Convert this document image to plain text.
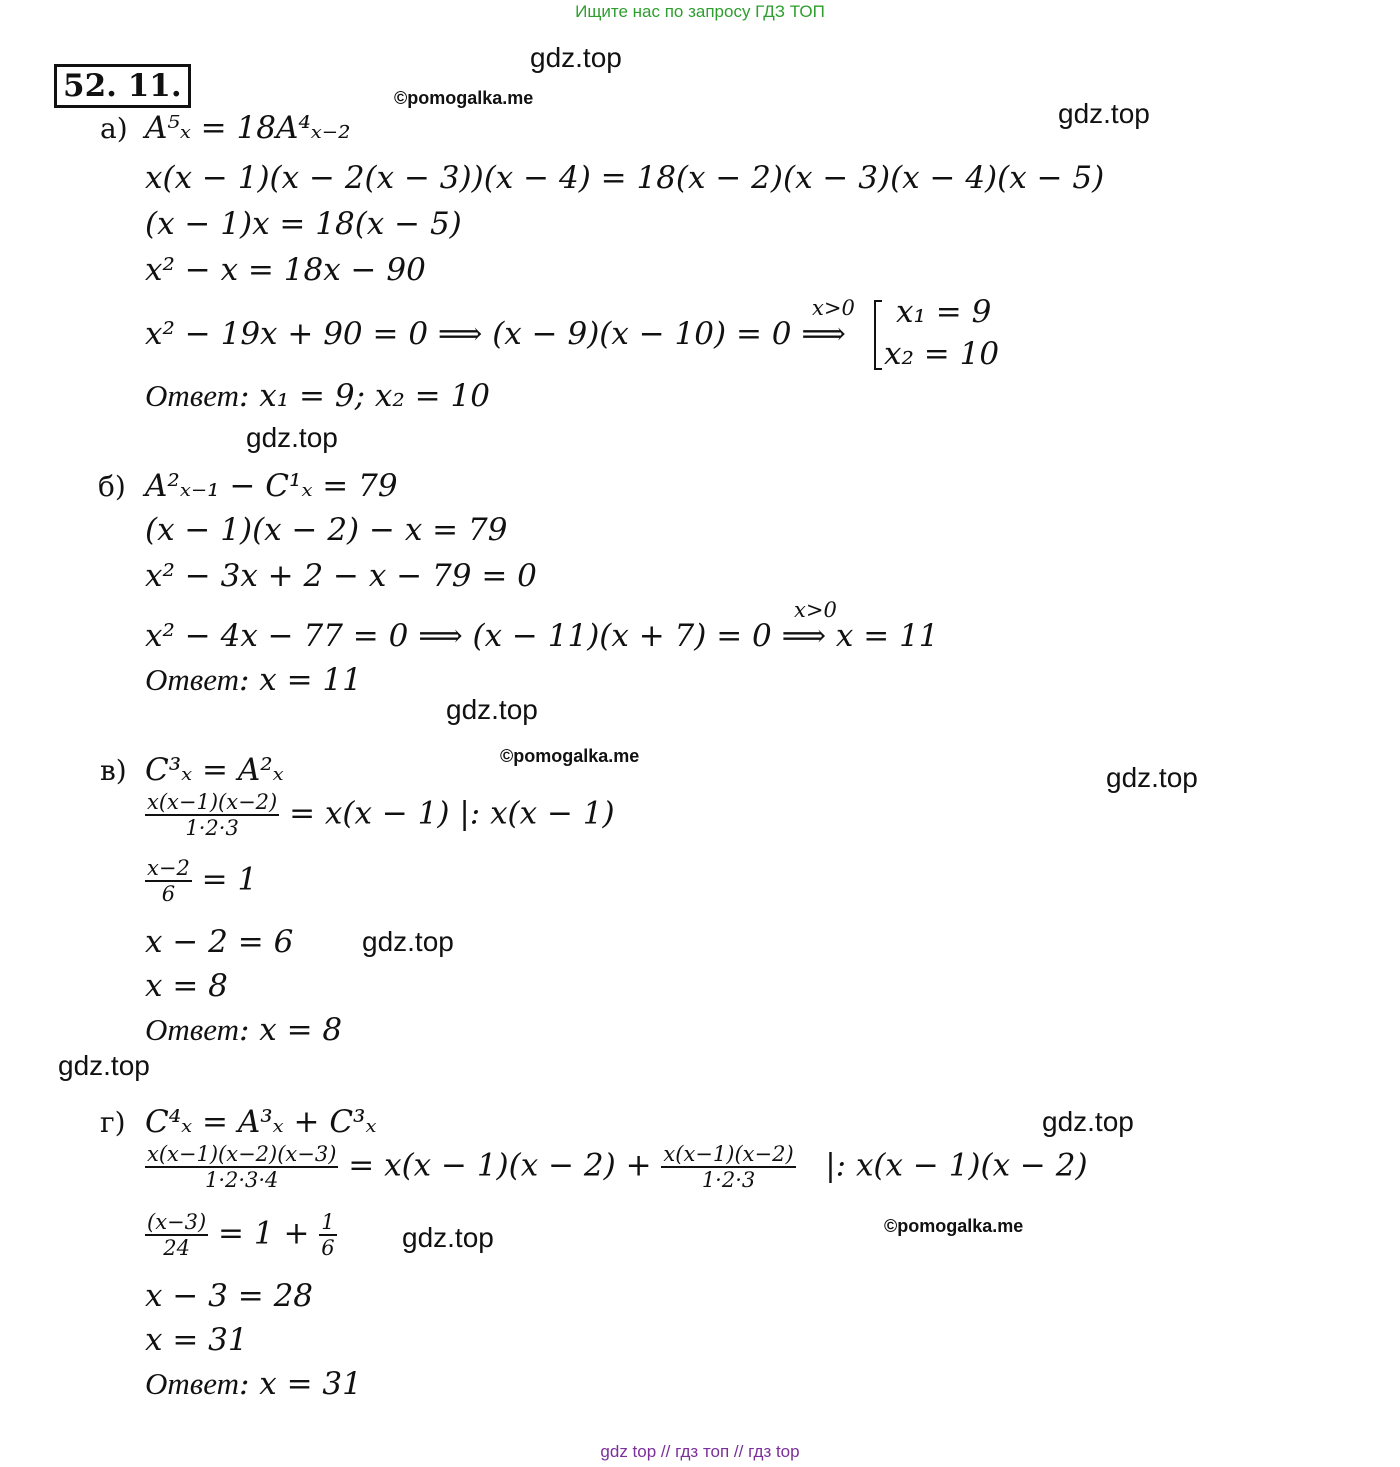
Ищите нас по запросу ГДЗ ТОП
gdz.top
gdz.top
gdz.top
gdz.top
gdz.top
gdz.top
gdz.top
gdz.top
gdz.top
©pomogalka.me
©pomogalka.me
©pomogalka.me
52. 11.
а) A⁵ₓ = 18A⁴ₓ₋₂
x(x − 1)(x − 2(x − 3))(x − 4) = 18(x − 2)(x − 3)(x − 4)(x − 5)
(x − 1)x = 18(x − 5)
x² − x = 18x − 90
x² − 19x + 90 = 0 ⟹ (x − 9)(x − 10) = 0 ⟹
x>0 x₁ = 9
x₂ = 10
Ответ: x₁ = 9; x₂ = 10
б) A²ₓ₋₁ − C¹ₓ = 79
(x − 1)(x − 2) − x = 79
x² − 3x + 2 − x − 79 = 0
x² − 4x − 77 = 0 ⟹ (x − 11)(x + 7) = 0 ⟹ x = 11
x>0
Ответ: x = 11
в) C³ₓ = A²ₓ
$\frac{x(x-1)(x-2)}{1\cdot 2\cdot 3} = x(x - 1)$ |: x(x − 1)
$\frac{x-2}{6} = 1$
x − 2 = 6
x = 8
Ответ: x = 8
г) C⁴ₓ = A³ₓ + C³ₓ
$\frac{x(x-1)(x-2)(x-3)}{1\cdot 2\cdot 3\cdot 4} = x(x - 1)(x - 2) + \frac{x(x-1)(x-2)}{1\cdot 2\cdot 3}$ |: x(x − 1)(x − 2)
$\frac{(x-3)}{24} = 1 + \frac{1}{6}$
x − 3 = 28
x = 31
Ответ: x = 31
gdz top // гдз топ // гдз top
